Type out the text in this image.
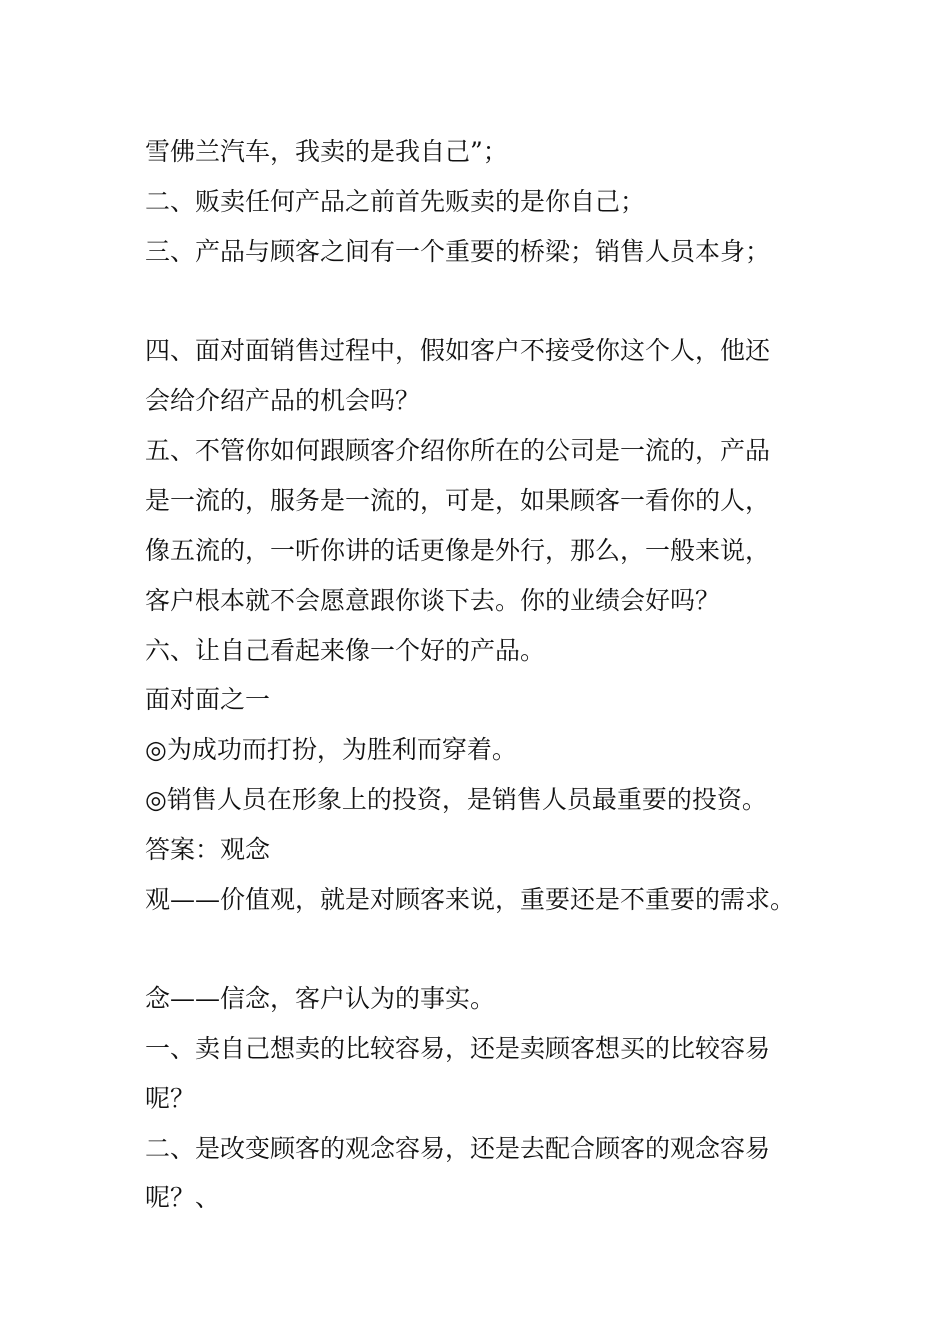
雪佛兰汽车，我卖的是我自己”；

二、贩卖任何产品之前首先贩卖的是你自己；

三、产品与顾客之间有一个重要的桥梁；销售人员本身；

四、面对面销售过程中，假如客户不接受你这个人，他还

会给介绍产品的机会吗？

五、不管你如何跟顾客介绍你所在的公司是一流的，产品

是一流的，服务是一流的，可是，如果顾客一看你的人，

像五流的，一听你讲的话更像是外行，那么，一般来说，

客户根本就不会愿意跟你谈下去。你的业绩会好吗？

六、让自己看起来像一个好的产品。

面对面之一

◎为成功而打扮，为胜利而穿着。

◎销售人员在形象上的投资，是销售人员最重要的投资。

答案：观念

观——价值观，就是对顾客来说，重要还是不重要的需求。

念——信念，客户认为的事实。

一、卖自己想卖的比较容易，还是卖顾客想买的比较容易

呢？

二、是改变顾客的观念容易，还是去配合顾客的观念容易

呢？、
